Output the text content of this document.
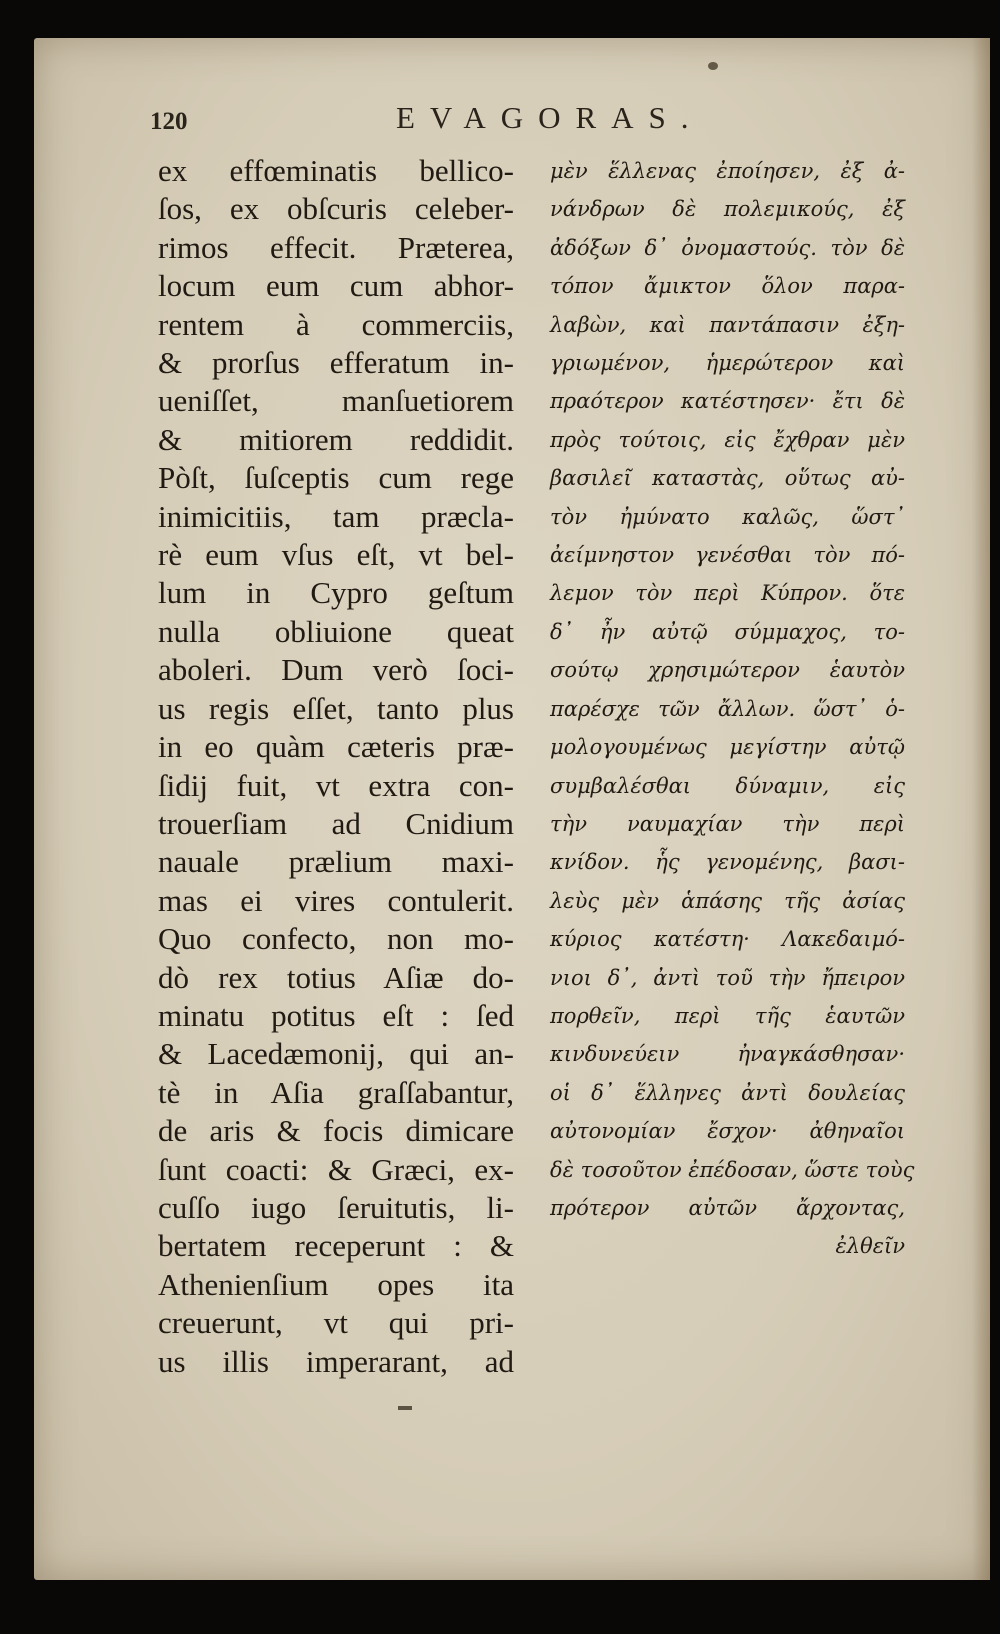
120	EVAGORAS.
ex effœminatis bellico-
ſos, ex obſcuris celeber-
rimos effecit. Præterea,
locum eum cum abhor-
rentem à commerciis,
& prorſus efferatum in-
ueniſſet, manſuetiorem
& mitiorem reddidit.
Pòſt, ſuſceptis cum rege
inimicitiis, tam præcla-
rè eum vſus eſt, vt bel-
lum in Cypro geſtum
nulla obliuione queat
aboleri. Dum verò ſoci-
us regis eſſet, tanto plus
in eo quàm cæteris præ-
ſidij fuit, vt extra con-
trouerſiam ad Cnidium
nauale prælium maxi-
mas ei vires contulerit.
Quo confecto, non mo-
dò rex totius Aſiæ do-
minatu potitus eſt : ſed
& Lacedæmonij, qui an-
tè in Aſia graſſabantur,
de aris & focis dimicare
ſunt coacti: & Græci, ex-
cuſſo iugo ſeruitutis, li-
bertatem receperunt : &
Athenienſium opes ita
creuerunt, vt qui pri-
us illis imperarant, ad
μὲν ἕλλενας ἐποίησεν, ἐξ ἀ-
νάνδρων δὲ πολεμικούς, ἐξ
ἀδόξων δ᾽ ὀνομαστούς. τὸν δὲ
τόπον ἄμικτον ὅλον παρα-
λαβὼν, καὶ παντάπασιν ἐξη-
γριωμένον, ἡμερώτερον καὶ
πραότερον κατέστησεν· ἔτι δὲ
πρὸς τούτοις, εἰς ἔχθραν μὲν
βασιλεῖ καταστὰς, οὕτως αὐ-
τὸν ἠμύνατο καλῶς, ὥστ᾽
ἀείμνηστον γενέσθαι τὸν πό-
λεμον τὸν περὶ Κύπρον. ὅτε
δ᾽ ἦν αὐτῷ σύμμαχος, το-
σούτῳ χρησιμώτερον ἑαυτὸν
παρέσχε τῶν ἄλλων. ὥστ᾽ ὁ-
μολογουμένως μεγίστην αὐτῷ
συμβαλέσθαι δύναμιν, εἰς
τὴν ναυμαχίαν τὴν περὶ
κνίδον. ἧς γενομένης, βασι-
λεὺς μὲν ἁπάσης τῆς ἀσίας
κύριος κατέστη· Λακεδαιμό-
νιοι δ᾽, ἀντὶ τοῦ τὴν ἤπειρον
πορθεῖν, περὶ τῆς ἑαυτῶν
κινδυνεύειν ἠναγκάσθησαν·
οἱ δ᾽ ἕλληνες ἀντὶ δουλείας
αὐτονομίαν ἔσχον· ἀθηναῖοι
δὲ τοσοῦτον ἐπέδοσαν, ὥστε τοὺς
πρότερον αὐτῶν ἄρχοντας,
ἐλθεῖν
